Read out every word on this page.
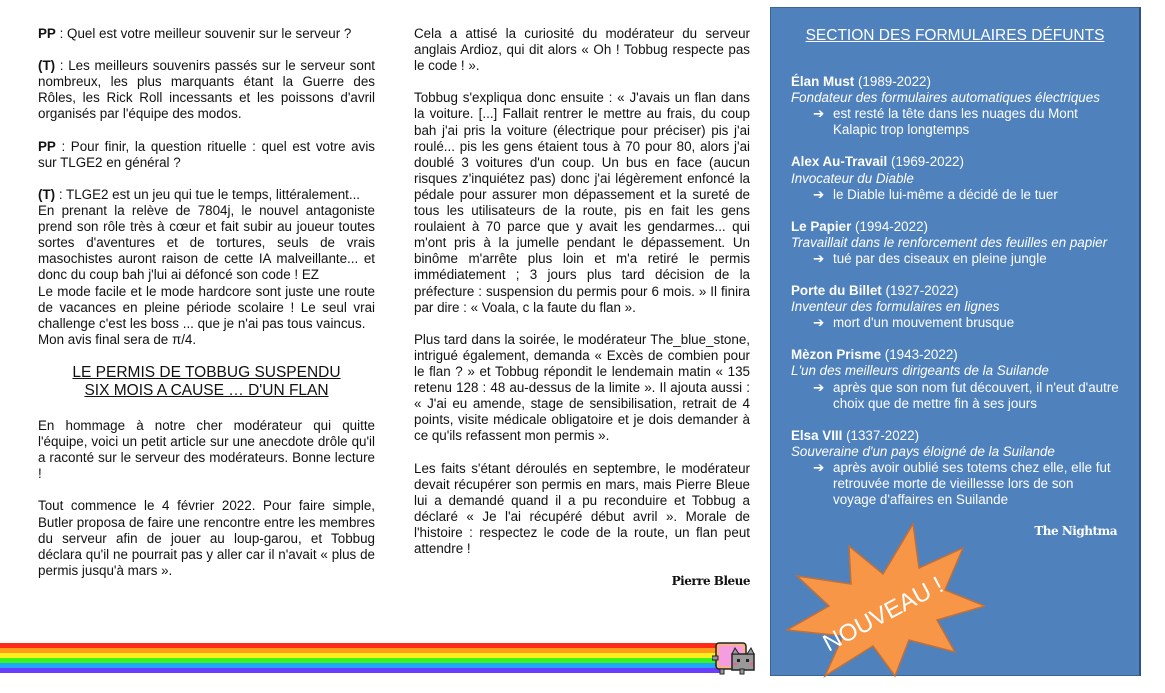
PP : Quel est votre meilleur souvenir sur le serveur ?

(T) : Les meilleurs souvenirs passés sur le serveur sont nombreux, les plus marquants étant la Guerre des Rôles, les Rick Roll incessants et les poissons d'avril organisés par l'équipe des modos.

PP : Pour finir, la question rituelle : quel est votre avis sur TLGE2 en général ?

(T) : TLGE2 est un jeu qui tue le temps, littéralement...

En prenant la relève de 7804j, le nouvel antagoniste prend son rôle très à cœur et fait subir au joueur toutes sortes d'aventures et de tortures, seuls de vrais masochistes auront raison de cette IA malveillante... et donc du coup bah j'lui ai défoncé son code ! EZ

Le mode facile et le mode hardcore sont juste une route de vacances en pleine période scolaire ! Le seul vrai challenge c'est les boss ... que je n'ai pas tous vaincus.

Mon avis final sera de π/4.

LE PERMIS DE TOBBUG SUSPENDU
SIX MOIS A CAUSE … D'UN FLAN

En hommage à notre cher modérateur qui quitte l'équipe, voici un petit article sur une anecdote drôle qu'il a raconté sur le serveur des modérateurs. Bonne lecture !

Tout commence le 4 février 2022. Pour faire simple, Butler proposa de faire une rencontre entre les membres du serveur afin de jouer au loup-garou, et Tobbug déclara qu'il ne pourrait pas y aller car il n'avait « plus de permis jusqu'à mars ».

Cela a attisé la curiosité du modérateur du serveur anglais Ardioz, qui dit alors « Oh ! Tobbug respecte pas le code ! ».

Tobbug s'expliqua donc ensuite : « J'avais un flan dans la voiture. [...] Fallait rentrer le mettre au frais, du coup bah j'ai pris la voiture (électrique pour préciser) pis j'ai roulé... pis les gens étaient tous à 70 pour 80, alors j'ai doublé 3 voitures d'un coup. Un bus en face (aucun risques z'inquiétez pas) donc j'ai légèrement enfoncé la pédale pour assurer mon dépassement et la sureté de tous les utilisateurs de la route, pis en fait les gens roulaient à 70 parce que y avait les gendarmes... qui m'ont pris à la jumelle pendant le dépassement. Un binôme m'arrête plus loin et m'a retiré le permis immédiatement ; 3 jours plus tard décision de la préfecture : suspension du permis pour 6 mois. » Il finira par dire : « Voala, c la faute du flan ».

Plus tard dans la soirée, le modérateur The_blue_stone, intrigué également, demanda « Excès de combien pour le flan ? » et Tobbug répondit le lendemain matin « 135 retenu 128 : 48 au-dessus de la limite ». Il ajouta aussi : « J'ai eu amende, stage de sensibilisation, retrait de 4 points, visite médicale obligatoire et je dois demander à ce qu'ils refassent mon permis ».

Les faits s'étant déroulés en septembre, le modérateur devait récupérer son permis en mars, mais Pierre Bleue lui a demandé quand il a pu reconduire et Tobbug a déclaré « Je l'ai récupéré début avril ». Morale de l'histoire : respectez le code de la route, un flan peut attendre !

Pierre Bleue
SECTION DES FORMULAIRES DÉFUNTS
Élan Must (1989-2022)
Fondateur des formulaires automatiques électriques
➔ est resté la tête dans les nuages du Mont Kalapic trop longtemps
Alex Au-Travail (1969-2022)
Invocateur du Diable
➔ le Diable lui-même a décidé de le tuer
Le Papier (1994-2022)
Travaillait dans le renforcement des feuilles en papier
➔ tué par des ciseaux en pleine jungle
Porte du Billet (1927-2022)
Inventeur des formulaires en lignes
➔ mort d'un mouvement brusque
Mèzon Prisme (1943-2022)
L'un des meilleurs dirigeants de la Suilande
➔ après que son nom fut découvert, il n'eut d'autre choix que de mettre fin à ses jours
Elsa VIII (1337-2022)
Souveraine d'un pays éloigné de la Suilande
➔ après avoir oublié ses totems chez elle, elle fut retrouvée morte de vieillesse lors de son voyage d'affaires en Suilande
The Nightma
NOUVEAU !
